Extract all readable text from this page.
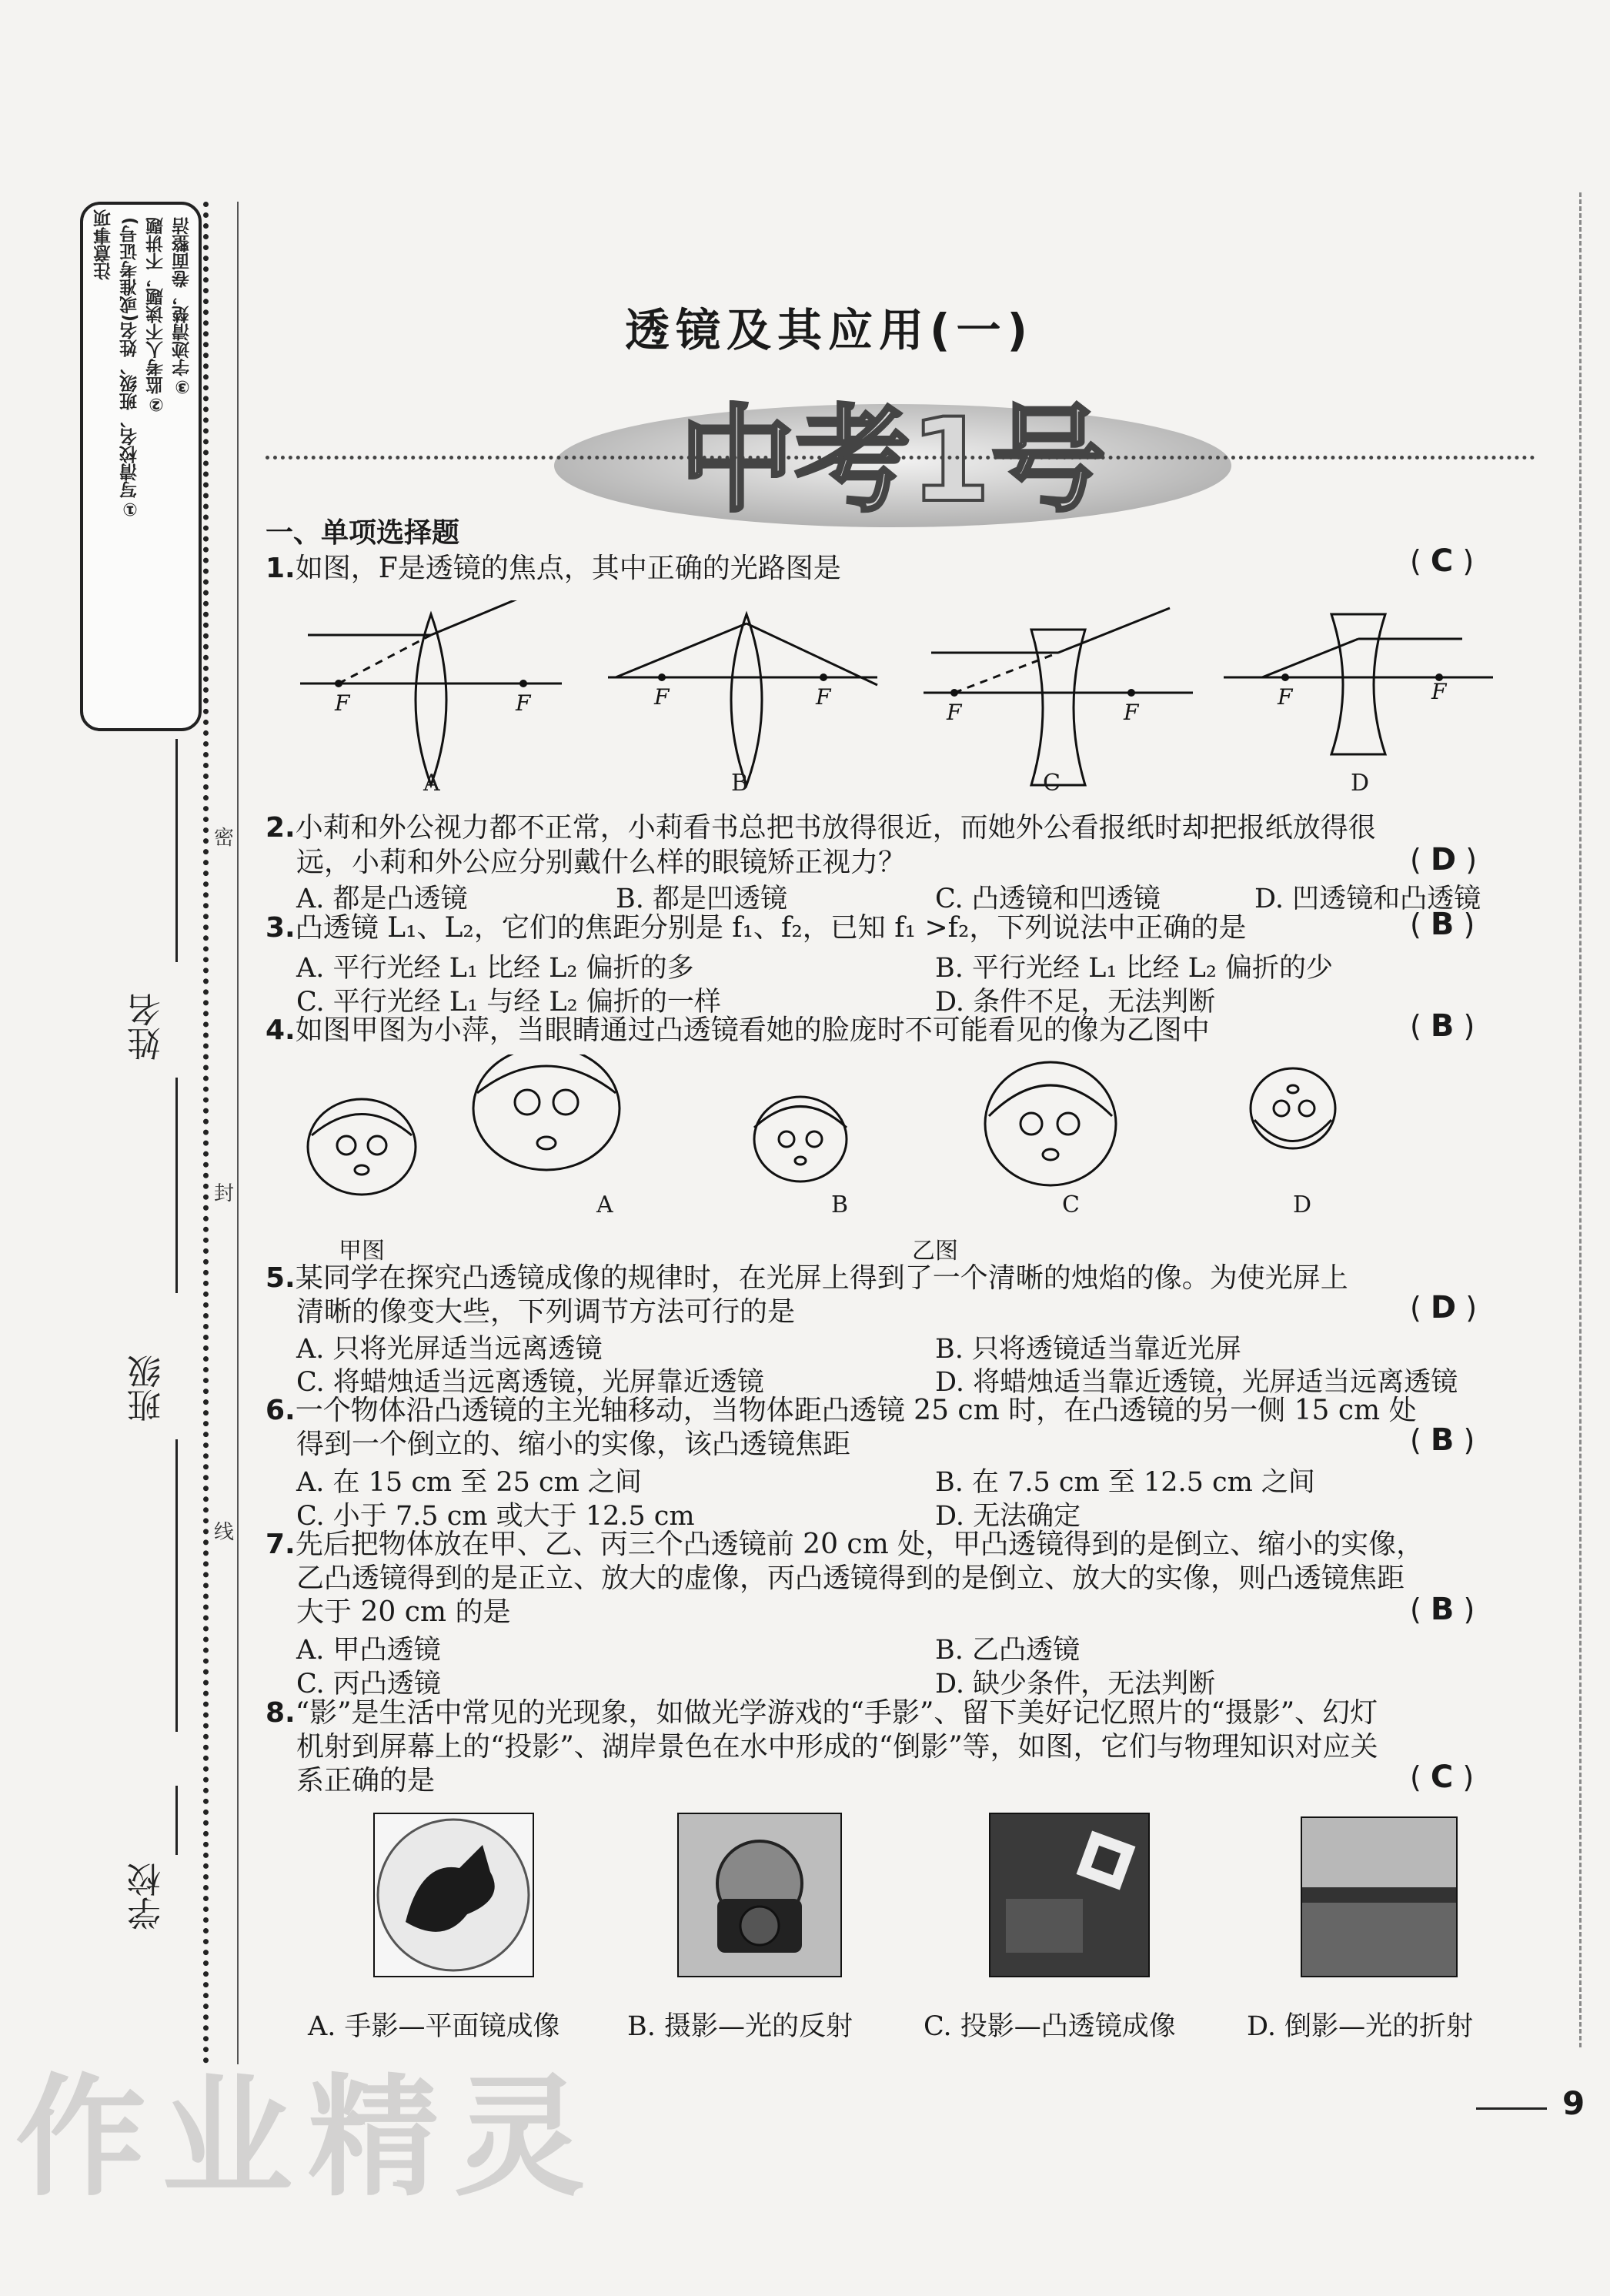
注意事项 ①写清校名、班级、姓名(或准考证号) ②监考人不读题，不讲题 ③字迹清楚，卷面整洁
姓名
班级
学校
密
封
线
透镜及其应用(一)
中考1号
一、单项选择题
1.如图，F是透镜的焦点，其中正确的光路图是	( C )
F	F	F	F
F	F
F	F
A	B	C	D
2.小莉和外公视力都不正常，小莉看书总把书放得很近，而她外公看报纸时却把报纸放得很
远，小莉和外公应分别戴什么样的眼镜矫正视力？	( D )
A. 都是凸透镜	B. 都是凹透镜	C. 凸透镜和凹透镜	D. 凹透镜和凸透镜
3.凸透镜 L₁、L₂，它们的焦距分别是 f₁、f₂，已知 f₁ >f₂，下列说法中正确的是	( B )
A. 平行光经 L₁ 比经 L₂ 偏折的多	B. 平行光经 L₁ 比经 L₂ 偏折的少
C. 平行光经 L₁ 与经 L₂ 偏折的一样	D. 条件不足，无法判断
4.如图甲图为小萍，当眼睛通过凸透镜看她的脸庞时不可能看见的像为乙图中	( B )
A	B	C	D
甲图	乙图
5.某同学在探究凸透镜成像的规律时，在光屏上得到了一个清晰的烛焰的像。为使光屏上
清晰的像变大些，下列调节方法可行的是	( D )
A. 只将光屏适当远离透镜	B. 只将透镜适当靠近光屏
C. 将蜡烛适当远离透镜，光屏靠近透镜	D. 将蜡烛适当靠近透镜，光屏适当远离透镜
6.一个物体沿凸透镜的主光轴移动，当物体距凸透镜 25 cm 时，在凸透镜的另一侧 15 cm 处
得到一个倒立的、缩小的实像，该凸透镜焦距	( B )
A. 在 15 cm 至 25 cm 之间	B. 在 7.5 cm 至 12.5 cm 之间
C. 小于 7.5 cm 或大于 12.5 cm	D. 无法确定
7.先后把物体放在甲、乙、丙三个凸透镜前 20 cm 处，甲凸透镜得到的是倒立、缩小的实像，
乙凸透镜得到的是正立、放大的虚像，丙凸透镜得到的是倒立、放大的实像，则凸透镜焦距
大于 20 cm 的是	( B )
A. 甲凸透镜	B. 乙凸透镜
C. 丙凸透镜	D. 缺少条件，无法判断
8.“影”是生活中常见的光现象，如做光学游戏的“手影”、留下美好记忆照片的“摄影”、幻灯
机射到屏幕上的“投影”、湖岸景色在水中形成的“倒影”等，如图，它们与物理知识对应关
系正确的是	( C )
A. 手影—平面镜成像 B. 摄影—光的反射	C. 投影—凸透镜成像	D. 倒影—光的折射
9
作业精灵
